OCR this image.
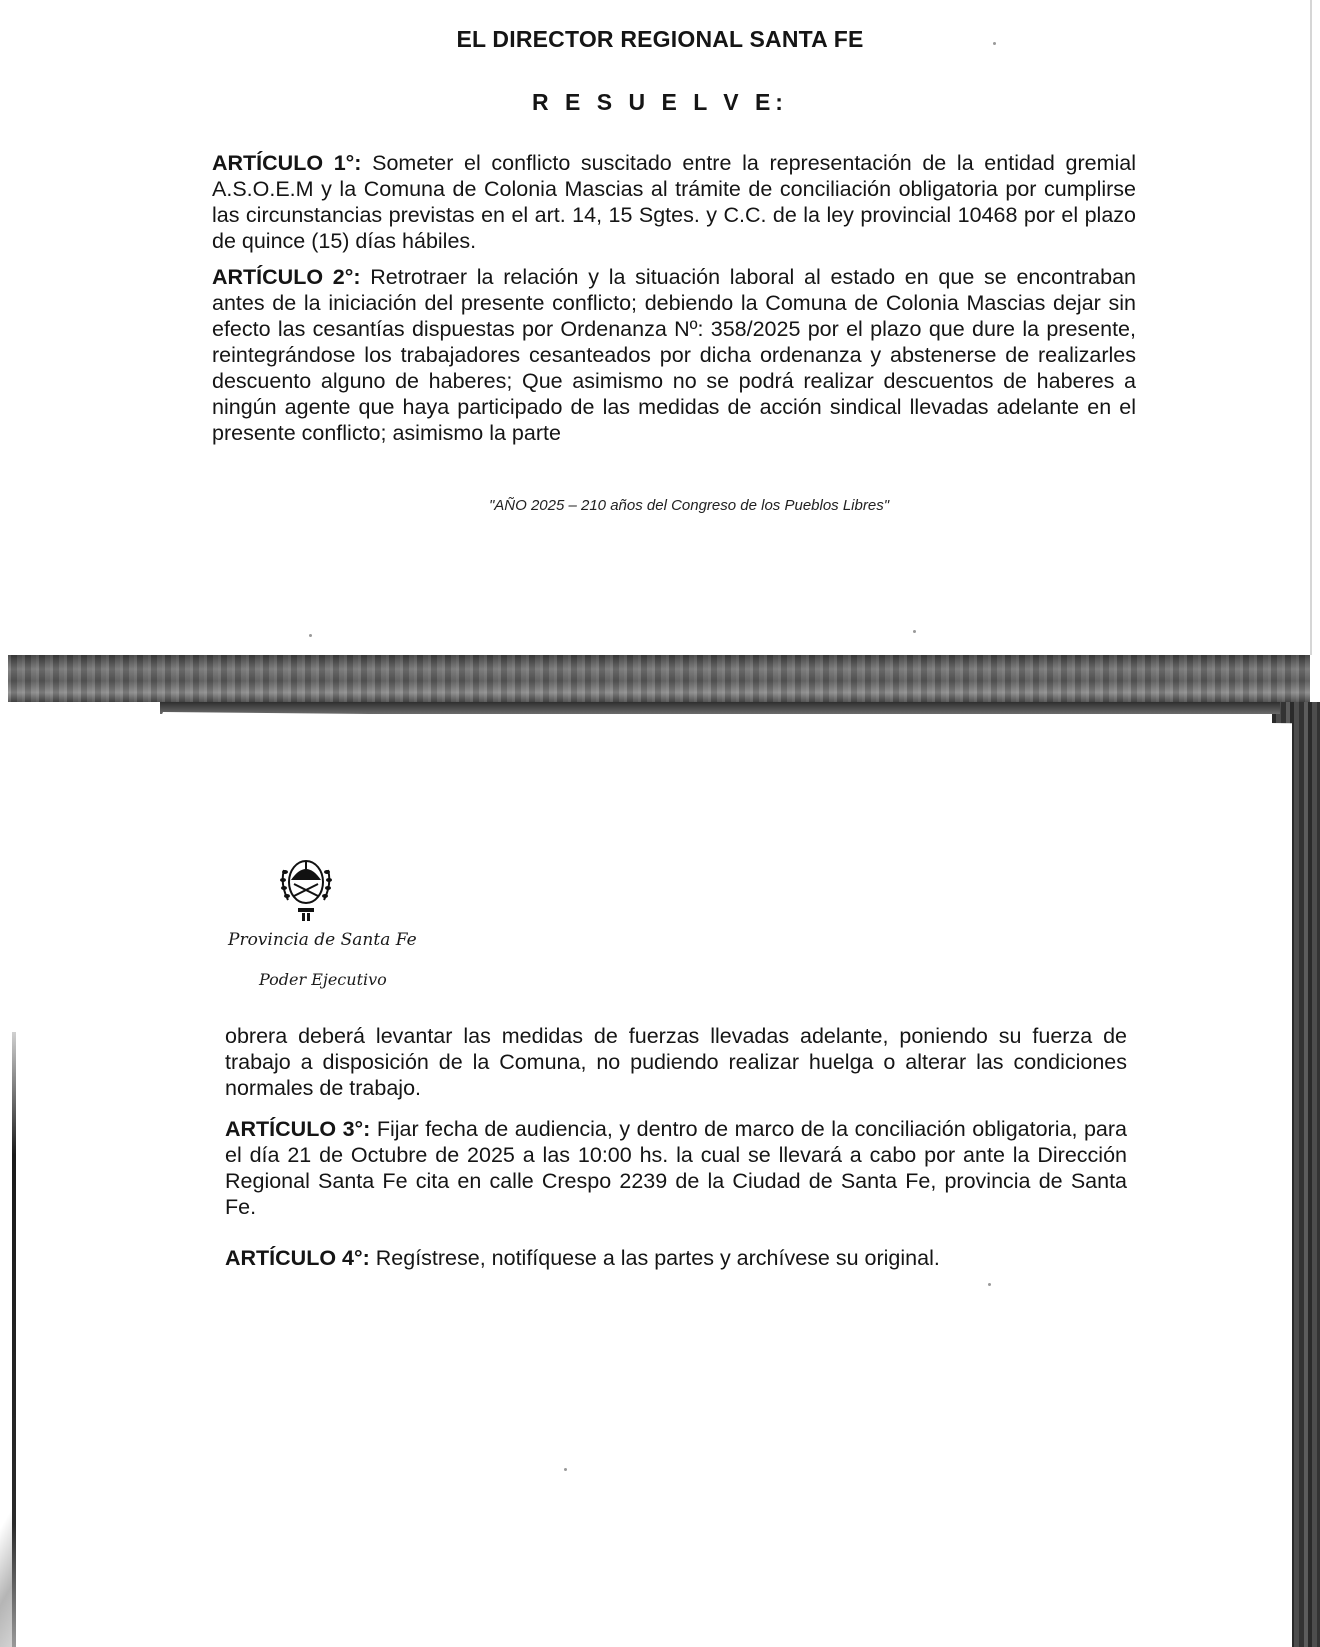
EL DIRECTOR REGIONAL SANTA FE
R E S U E L V E:
ARTÍCULO 1°: Someter el conflicto suscitado entre la representación de la entidad gremial A.S.O.E.M y la Comuna de Colonia Mascias al trámite de conciliación obligatoria por cumplirse las circunstancias previstas en el art. 14, 15 Sgtes. y C.C. de la ley provincial 10468 por el plazo de quince (15) días hábiles.
ARTÍCULO 2°: Retrotraer la relación y la situación laboral al estado en que se encontraban antes de la iniciación del presente conflicto; debiendo la Comuna de Colonia Mascias dejar sin efecto las cesantías dispuestas por Ordenanza Nº: 358/2025 por el plazo que dure la presente, reintegrándose los trabajadores cesanteados por dicha ordenanza y abstenerse de realizarles descuento alguno de haberes; Que asimismo no se podrá realizar descuentos de haberes a ningún agente que haya participado de las medidas de acción sindical llevadas adelante en el presente conflicto; asimismo la parte
"AÑO 2025 – 210 años del Congreso de los Pueblos Libres"
Provincia de Santa Fe
Poder Ejecutivo
obrera deberá levantar las medidas de fuerzas llevadas adelante, poniendo su fuerza de trabajo a disposición de la Comuna, no pudiendo realizar huelga o alterar las condiciones normales de trabajo.
ARTÍCULO 3°: Fijar fecha de audiencia, y dentro de marco de la conciliación obligatoria, para el día 21 de Octubre de 2025 a las 10:00 hs. la cual se llevará a cabo por ante la Dirección Regional Santa Fe cita en calle Crespo 2239 de la Ciudad de Santa Fe, provincia de Santa Fe.
ARTÍCULO 4°: Regístrese, notifíquese a las partes y archívese su original.
